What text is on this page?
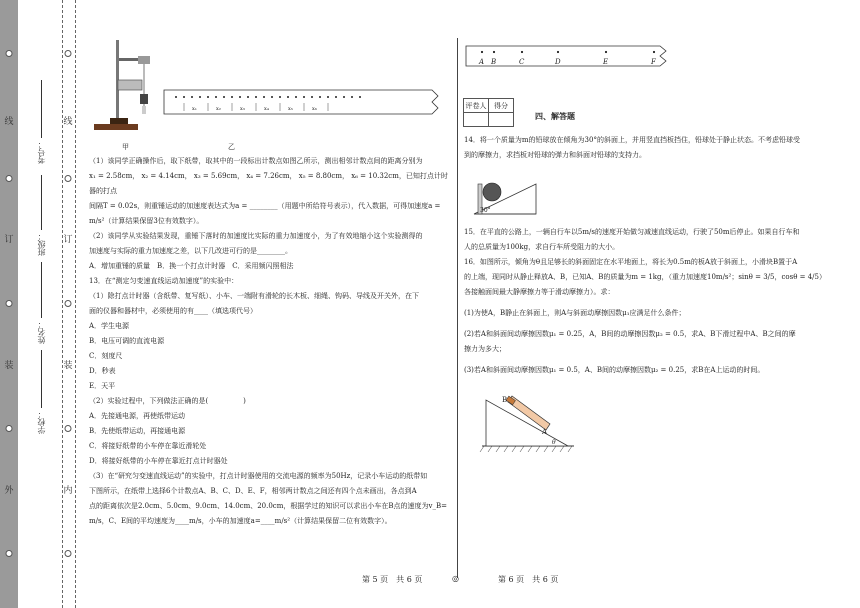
线
订
装
外
线
订
装
内
学校：
姓名：
班级：
考号：	甲
x₁	x₂	x₃	x₄	x₅	x₆
乙

（1）该同学正确操作后，取下纸带，取其中的一段标出计数点如图乙所示，测出相邻计数点间的距离分别为

x₁ = 2.58cm， x₂ = 4.14cm， x₃ = 5.69cm， x₄ = 7.26cm， x₅ = 8.80cm， x₆ = 10.32cm，已知打点计时器的打点

间隔T = 0.02s，则重锤运动的加速度表达式为a = ________（用题中所给符号表示），代入数据，可得加速度a =

m/s²（计算结果保留3位有效数字）。

（2）该同学从实验结果发现，重锤下落时的加速度比实际的重力加速度小，为了有效地缩小这个实验测得的

加速度与实际的重力加速度之差，以下几改进可行的是________。

A．增加重锤的质量　B．换一个打点计时器　C．采用频闪照相法

13．在“测定匀变速直线运动加速度”的实验中：

（1）除打点计时器（含纸带、复写纸）、小车、一端附有滑轮的长木板、细绳、钩码、导线及开关外，在下

面的仪器和器材中，必须使用的有____（填选项代号）

A．学生电源

B．电压可调的直流电源

C．刻度尺

D．秒表

E．天平

（2）实验过程中，下列做法正确的是(　　　　　)

A．先接通电源，再使纸带运动

B．先使纸带运动，再接通电源

C．将接好纸带的小车停在靠近滑轮处

D．将接好纸带的小车停在靠近打点计时器处

（3）在“研究匀变速直线运动”的实验中，打点计时器使用的交流电源的频率为50Hz，记录小车运动的纸带如

下图所示，在纸带上选择6个计数点A、B、C、D、E、F，相邻两计数点之间还有四个点未画出，各点到A

点的距离依次是2.0cm、5.0cm、9.0cm、14.0cm、20.0cm，根据学过的知识可以求出小车在B点的速度为v_B=

m/s，C、E间的平均速度为____m/s，小车的加速度a=____m/s²（计算结果保留二位有效数字）。

第 5 页　共 6 页	◎
A B	C	D	E	F
评卷人	得分

四、解答题

14．将一个质量为m的铅球放在倾角为30°的斜面上，并用竖直挡板挡住，铅球处于静止状态。不考虑铅球受

到的摩擦力，求挡板对铅球的弹力和斜面对铅球的支持力。

30°

15．在平直的公路上，一辆自行车以5m/s的速度开始做匀减速直线运动，行驶了50m后停止。如果自行车和

人的总质量为100kg，求自行车所受阻力的大小。

16．如图所示，倾角为θ且足够长的斜面固定在水平地面上，将长为0.5m的板A放于斜面上，小滑块B置于A

的上端，现同时从静止释放A、B，已知A、B的质量为m = 1kg，（重力加速度10m/s²；sinθ = 3/5，cosθ = 4/5）

各接触面间最大静摩擦力等于滑动摩擦力）。求：

(1)为使A，B静止在斜面上，则A与斜面动摩擦因数μ₁应满足什么条件；

(2)若A和斜面间动摩擦因数μ₁ = 0.25，A，B间的动摩擦因数μ₂ = 0.5，求A、B下滑过程中A、B之间的摩

擦力为多大；

(3)若A和斜面间动摩擦因数μ₁ = 0.5，A、B间的动摩擦因数μ₂ = 0.25，求B在A上运动的时间。

B
A
θ
第 6 页　共 6 页
